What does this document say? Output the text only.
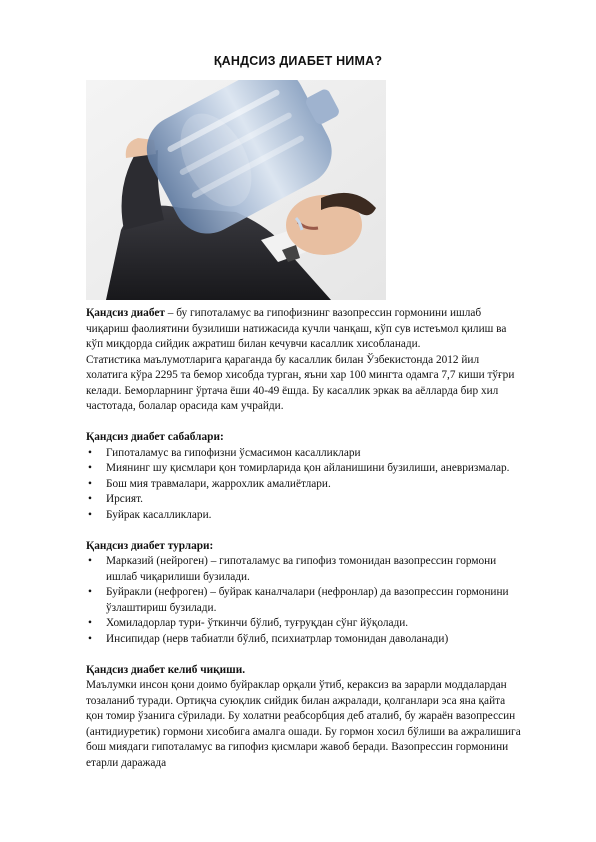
ҚАНДСИЗ ДИАБЕТ НИМА?

Қандсиз диабет – бу гипоталамус ва гипофизнинг вазопрессин гормонини ишлаб чиқариш фаолиятини бузилиши натижасида кучли чанқаш, кўп сув истеъмол қилиш ва кўп миқдорда сийдик ажратиш билан кечувчи касаллик хисобланади.

Статистика маълумотларига қараганда бу касаллик билан Ўзбекистонда 2012 йил холатига кўра 2295 та бемор хисобда турган, яъни хар 100 мингта одамга 7,7 киши тўғри келади. Беморларнинг ўртача ёши 40-49 ёшда. Бу касаллик эркак ва аёлларда бир хил частотада, болалар орасида кам учрайди.

Қандсиз диабет сабаблари:

• Гипоталамус ва гипофизни ўсмасимон касалликлари

• Миянинг шу қисмлари қон томирларида қон айланишини бузилиши, аневризмалар.

• Бош мия травмалари, жаррохлик амалиётлари.

• Ирсият.

• Буйрак касалликлари.

Қандсиз диабет турлари:

• Марказий (нейроген) – гипоталамус ва гипофиз томонидан вазопрессин гормони ишлаб чиқарилиши бузилади.

• Буйракли (нефроген) – буйрак каналчалари (нефронлар) да вазопрессин гормонини ўзлаштириш бузилади.

• Хомиладорлар тури- ўткинчи бўлиб, туғруқдан сўнг йўқолади.

• Инсипидар (нерв табиатли бўлиб, психиатрлар томонидан даволанади)

Қандсиз диабет келиб чиқиши.

Маълумки инсон қони доимо буйраклар орқали ўтиб, кераксиз ва зарарли моддалардан тозаланиб туради. Ортиқча суюқлик сийдик билан ажралади, қолганлари эса яна қайта қон томир ўзанига сўрилади. Бу холатни реабсорбция деб аталиб, бу жараён вазопрессин (антидиуретик) гормони хисобига амалга ошади. Бу гормон хосил бўлиши ва ажралишига бош миядаги гипоталамус ва гипофиз қисмлари жавоб беради. Вазопрессин гормонини етарли даражада
